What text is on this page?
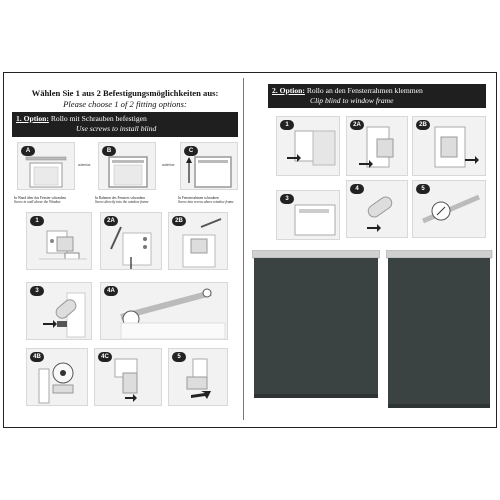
Wählen Sie 1 aus 2 Befestigungsmöglichkeiten aus:
Please choose 1 of 2 fitting options:
1. Option: Rollo mit Schrauben befestigen
Use screws to install blind
A
oder/or
In Wand über das Fenster schrauben
Screw in wall above the Window
B
oder/or
In Rahmen des Fensters schrauben
Screw directly into the window frame
C
In Fensterrahmen schrauben
Screw into recess above window frame
1	2A	2B
3	4A
4B	4C	5
2. Option: Rollo an den Fensterrahmen klemmen
Clip blind to window frame
1	2A	2B
3
4	5
